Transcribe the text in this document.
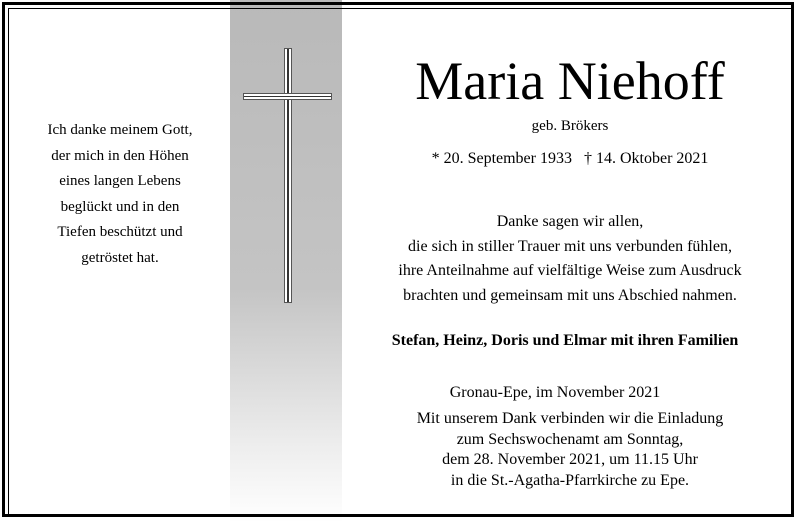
Ich danke meinem Gott,
der mich in den Höhen
eines langen Lebens
beglückt und in den
Tiefen beschützt und
getröstet hat.
Maria Niehoff
geb. Brökers
* 20. September 1933 † 14. Oktober 2021
Danke sagen wir allen,
die sich in stiller Trauer mit uns verbunden fühlen,
ihre Anteilnahme auf vielfältige Weise zum Ausdruck
brachten und gemeinsam mit uns Abschied nahmen.
Stefan, Heinz, Doris und Elmar mit ihren Familien
Gronau-Epe, im November 2021
Mit unserem Dank verbinden wir die Einladung
zum Sechswochenamt am Sonntag,
dem 28. November 2021, um 11.15 Uhr
in die St.-Agatha-Pfarrkirche zu Epe.
